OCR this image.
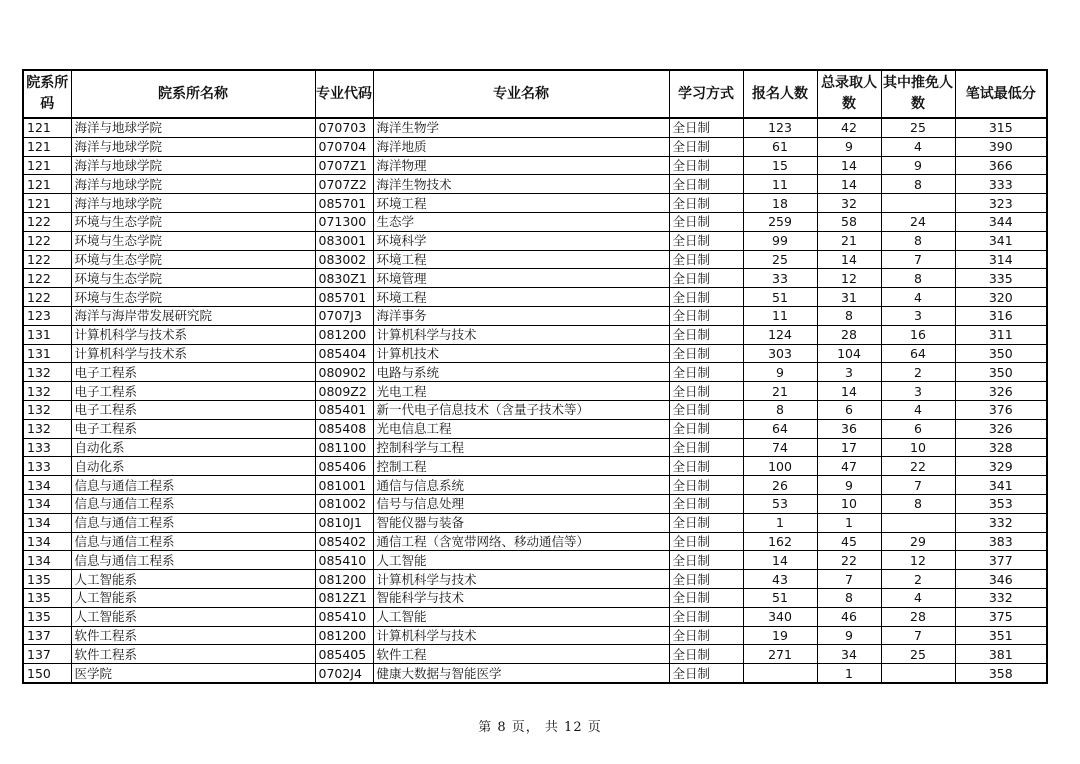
院系所码	院系所名称	专业代码	专业名称	学习方式	报名人数	总录取人数	其中推免人数	笔试最低分
121	海洋与地球学院	070703	海洋生物学	全日制	123	42	25	315
121	海洋与地球学院	070704	海洋地质	全日制	61	9	4	390
121	海洋与地球学院	0707Z1	海洋物理	全日制	15	14	9	366
121	海洋与地球学院	0707Z2	海洋生物技术	全日制	11	14	8	333
121	海洋与地球学院	085701	环境工程	全日制	18	32		323
122	环境与生态学院	071300	生态学	全日制	259	58	24	344
122	环境与生态学院	083001	环境科学	全日制	99	21	8	341
122	环境与生态学院	083002	环境工程	全日制	25	14	7	314
122	环境与生态学院	0830Z1	环境管理	全日制	33	12	8	335
122	环境与生态学院	085701	环境工程	全日制	51	31	4	320
123	海洋与海岸带发展研究院	0707J3	海洋事务	全日制	11	8	3	316
131	计算机科学与技术系	081200	计算机科学与技术	全日制	124	28	16	311
131	计算机科学与技术系	085404	计算机技术	全日制	303	104	64	350
132	电子工程系	080902	电路与系统	全日制	9	3	2	350
132	电子工程系	0809Z2	光电工程	全日制	21	14	3	326
132	电子工程系	085401	新一代电子信息技术（含量子技术等）	全日制	8	6	4	376
132	电子工程系	085408	光电信息工程	全日制	64	36	6	326
133	自动化系	081100	控制科学与工程	全日制	74	17	10	328
133	自动化系	085406	控制工程	全日制	100	47	22	329
134	信息与通信工程系	081001	通信与信息系统	全日制	26	9	7	341
134	信息与通信工程系	081002	信号与信息处理	全日制	53	10	8	353
134	信息与通信工程系	0810J1	智能仪器与装备	全日制	1	1		332
134	信息与通信工程系	085402	通信工程（含宽带网络、移动通信等）	全日制	162	45	29	383
134	信息与通信工程系	085410	人工智能	全日制	14	22	12	377
135	人工智能系	081200	计算机科学与技术	全日制	43	7	2	346
135	人工智能系	0812Z1	智能科学与技术	全日制	51	8	4	332
135	人工智能系	085410	人工智能	全日制	340	46	28	375
137	软件工程系	081200	计算机科学与技术	全日制	19	9	7	351
137	软件工程系	085405	软件工程	全日制	271	34	25	381
150	医学院	0702J4	健康大数据与智能医学	全日制		1		358
第 8 页， 共 12 页
